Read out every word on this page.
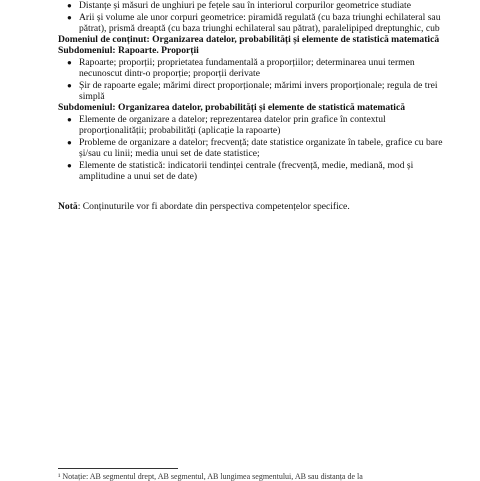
● Distanțe și măsuri de unghiuri pe fețele sau în interiorul corpurilor geometrice studiate
● Arii și volume ale unor corpuri geometrice: piramidă regulată (cu baza triunghi echilateral sau
pătrat), prismă dreaptă (cu baza triunghi echilateral sau pătrat), paralelipiped dreptunghic, cub
Domeniul de conținut: Organizarea datelor, probabilități și elemente de statistică matematică
Subdomeniul: Rapoarte. Proporții
● Rapoarte; proporții; proprietatea fundamentală a proporțiilor; determinarea unui termen
necunoscut dintr-o proporție; proporții derivate
● Șir de rapoarte egale; mărimi direct proporționale; mărimi invers proporționale; regula de trei
simplă
Subdomeniul: Organizarea datelor, probabilități și elemente de statistică matematică
● Elemente de organizare a datelor; reprezentarea datelor prin grafice în contextul
proporționalității; probabilități (aplicație la rapoarte)
● Probleme de organizare a datelor; frecvență; date statistice organizate în tabele, grafice cu bare
și/sau cu linii; media unui set de date statistice;
● Elemente de statistică: indicatorii tendinței centrale (frecvență, medie, mediană, mod și
amplitudine a unui set de date)
Notă: Conținuturile vor fi abordate din perspectiva competențelor specifice.
¹ Notație: AB segmentul drept, AB segmentul, AB lungimea segmentului, AB sau distanța de la
